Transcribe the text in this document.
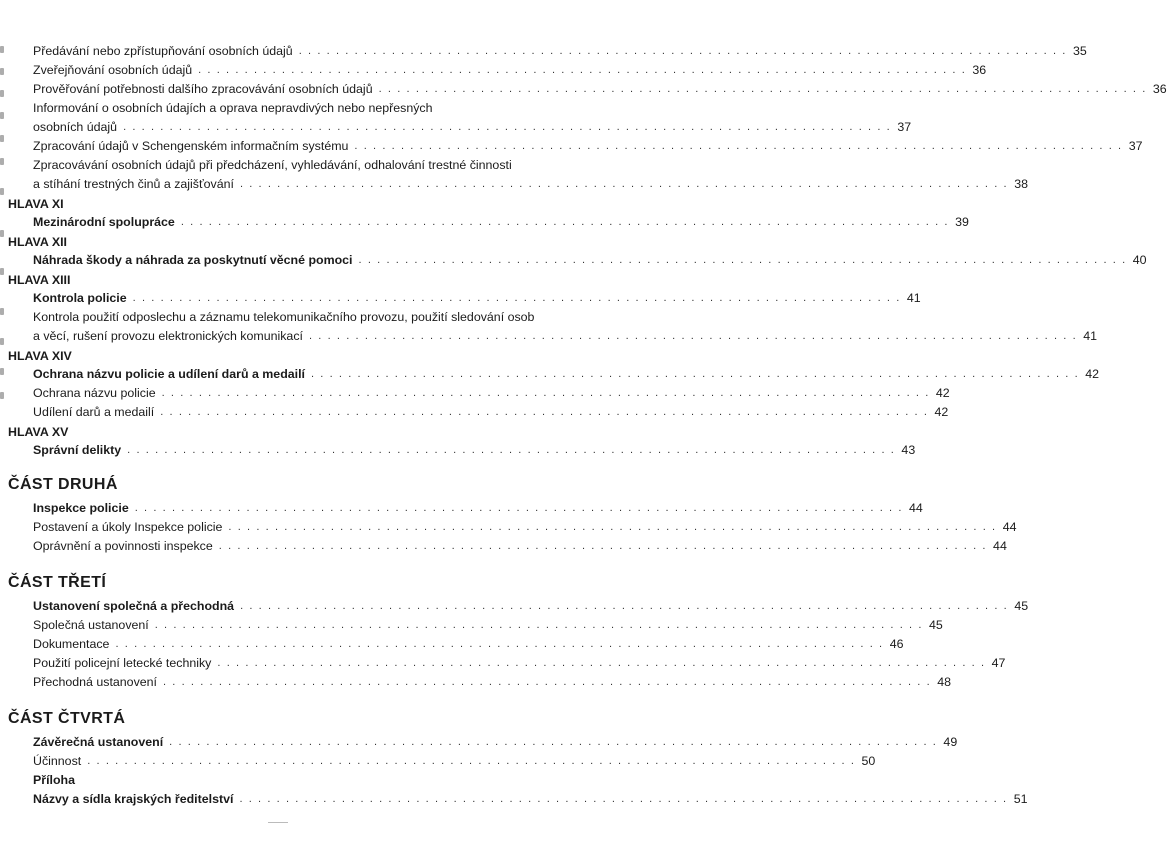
Předávání nebo zpřístupňování osobních údajů . . . . . . . . . . . . . . . . . . . . . . . . . . . . . . . . . . . . . . . . . . . . . . . . . . . . . . . . . . . . . . . . . . . . . . . . . . . . . . . . . . . 35
Zveřejňování osobních údajů . . . . . . . . . . . . . . . . . . . . . . . . . . . . . . . . . . . . . . . . . . . . . . . . . . . . . . . . . . . . . . . . . . . . . . . . . . . . . . . . . . . 36
Prověřování potřebnosti dalšího zpracovávání osobních údajů . . . . . . . . . . . . . . . . . . . . . . . . . . . . . . . . . . . . . . . . . . . . . . . . . . . . . . . . . . . . . . . . . . . . . . . . . . . . . . . . . . . 36
Informování o osobních údajích a oprava nepravdivých nebo nepřesných
osobních údajů . . . . . . . . . . . . . . . . . . . . . . . . . . . . . . . . . . . . . . . . . . . . . . . . . . . . . . . . . . . . . . . . . . . . . . . . . . . . . . . . . . . 37
Zpracování údajů v Schengenském informačním systému . . . . . . . . . . . . . . . . . . . . . . . . . . . . . . . . . . . . . . . . . . . . . . . . . . . . . . . . . . . . . . . . . . . . . . . . . . . . . . . . . . . 37
Zpracovávání osobních údajů při předcházení, vyhledávání, odhalování trestné činnosti
a stíhání trestných činů a zajišťování . . . . . . . . . . . . . . . . . . . . . . . . . . . . . . . . . . . . . . . . . . . . . . . . . . . . . . . . . . . . . . . . . . . . . . . . . . . . . . . . . . . 38
HLAVA XI
Mezinárodní spolupráce . . . . . . . . . . . . . . . . . . . . . . . . . . . . . . . . . . . . . . . . . . . . . . . . . . . . . . . . . . . . . . . . . . . . . . . . . . . . . . . . . . . 39
HLAVA XII
Náhrada škody a náhrada za poskytnutí věcné pomoci . . . . . . . . . . . . . . . . . . . . . . . . . . . . . . . . . . . . . . . . . . . . . . . . . . . . . . . . . . . . . . . . . . . . . . . . . . . . . . . . . . . 40
HLAVA XIII
Kontrola policie . . . . . . . . . . . . . . . . . . . . . . . . . . . . . . . . . . . . . . . . . . . . . . . . . . . . . . . . . . . . . . . . . . . . . . . . . . . . . . . . . . . 41
Kontrola použití odposlechu a záznamu telekomunikačního provozu, použití sledování osob
a věcí, rušení provozu elektronických komunikací . . . . . . . . . . . . . . . . . . . . . . . . . . . . . . . . . . . . . . . . . . . . . . . . . . . . . . . . . . . . . . . . . . . . . . . . . . . . . . . . . . . 41
HLAVA XIV
Ochrana názvu policie a udílení darů a medailí . . . . . . . . . . . . . . . . . . . . . . . . . . . . . . . . . . . . . . . . . . . . . . . . . . . . . . . . . . . . . . . . . . . . . . . . . . . . . . . . . . . 42
Ochrana názvu policie . . . . . . . . . . . . . . . . . . . . . . . . . . . . . . . . . . . . . . . . . . . . . . . . . . . . . . . . . . . . . . . . . . . . . . . . . . . . . . . . . . . 42
Udílení darů a medailí . . . . . . . . . . . . . . . . . . . . . . . . . . . . . . . . . . . . . . . . . . . . . . . . . . . . . . . . . . . . . . . . . . . . . . . . . . . . . . . . . . . 42
HLAVA XV
Správní delikty . . . . . . . . . . . . . . . . . . . . . . . . . . . . . . . . . . . . . . . . . . . . . . . . . . . . . . . . . . . . . . . . . . . . . . . . . . . . . . . . . . . 43
ČÁST DRUHÁ
Inspekce policie . . . . . . . . . . . . . . . . . . . . . . . . . . . . . . . . . . . . . . . . . . . . . . . . . . . . . . . . . . . . . . . . . . . . . . . . . . . . . . . . . . . 44
Postavení a úkoly Inspekce policie . . . . . . . . . . . . . . . . . . . . . . . . . . . . . . . . . . . . . . . . . . . . . . . . . . . . . . . . . . . . . . . . . . . . . . . . . . . . . . . . . . . 44
Oprávnění a povinnosti inspekce . . . . . . . . . . . . . . . . . . . . . . . . . . . . . . . . . . . . . . . . . . . . . . . . . . . . . . . . . . . . . . . . . . . . . . . . . . . . . . . . . . . 44
ČÁST TŘETÍ
Ustanovení společná a přechodná . . . . . . . . . . . . . . . . . . . . . . . . . . . . . . . . . . . . . . . . . . . . . . . . . . . . . . . . . . . . . . . . . . . . . . . . . . . . . . . . . . . 45
Společná ustanovení . . . . . . . . . . . . . . . . . . . . . . . . . . . . . . . . . . . . . . . . . . . . . . . . . . . . . . . . . . . . . . . . . . . . . . . . . . . . . . . . . . . 45
Dokumentace . . . . . . . . . . . . . . . . . . . . . . . . . . . . . . . . . . . . . . . . . . . . . . . . . . . . . . . . . . . . . . . . . . . . . . . . . . . . . . . . . . . 46
Použití policejní letecké techniky . . . . . . . . . . . . . . . . . . . . . . . . . . . . . . . . . . . . . . . . . . . . . . . . . . . . . . . . . . . . . . . . . . . . . . . . . . . . . . . . . . . 47
Přechodná ustanovení . . . . . . . . . . . . . . . . . . . . . . . . . . . . . . . . . . . . . . . . . . . . . . . . . . . . . . . . . . . . . . . . . . . . . . . . . . . . . . . . . . . 48
ČÁST ČTVRTÁ
Závěrečná ustanovení . . . . . . . . . . . . . . . . . . . . . . . . . . . . . . . . . . . . . . . . . . . . . . . . . . . . . . . . . . . . . . . . . . . . . . . . . . . . . . . . . . . 49
Účinnost . . . . . . . . . . . . . . . . . . . . . . . . . . . . . . . . . . . . . . . . . . . . . . . . . . . . . . . . . . . . . . . . . . . . . . . . . . . . . . . . . . . 50
Příloha
Názvy a sídla krajských ředitelství . . . . . . . . . . . . . . . . . . . . . . . . . . . . . . . . . . . . . . . . . . . . . . . . . . . . . . . . . . . . . . . . . . . . . . . . . . . . . . . . . . . 51
